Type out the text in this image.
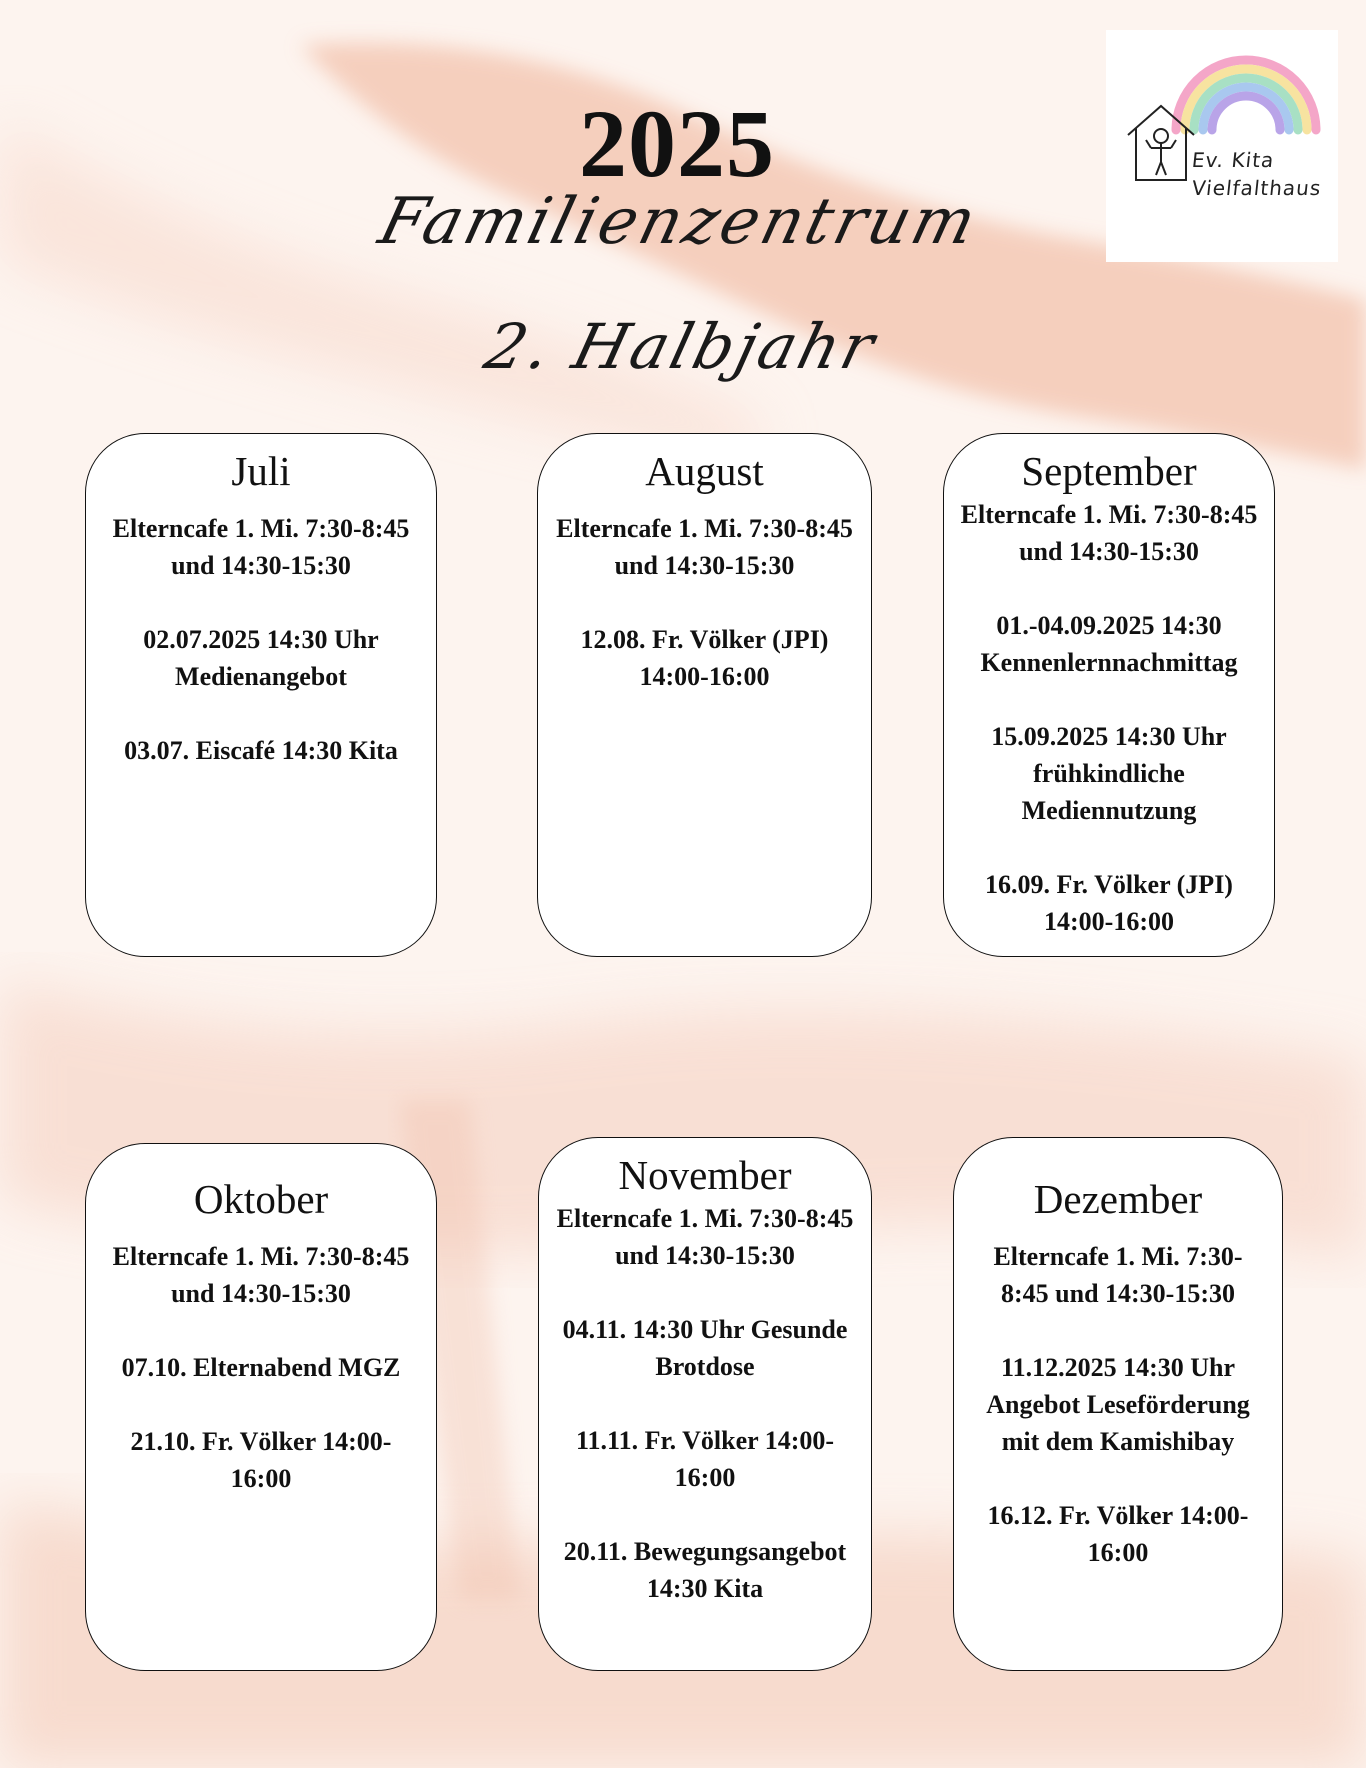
2025
Familienzentrum
2. Halbjahr
Ev. Kita
Vielfalthaus
Juli

Elterncafe 1. Mi. 7:30-8:45 und 14:30-15:30

02.07.2025 14:30 Uhr Medienangebot

03.07. Eiscafé 14:30 Kita

August

Elterncafe 1. Mi. 7:30-8:45 und 14:30-15:30

12.08. Fr. Völker (JPI) 14:00-16:00

September

Elterncafe 1. Mi. 7:30-8:45 und 14:30-15:30

01.-04.09.2025 14:30 Kennenlernnachmittag

15.09.2025 14:30 Uhr frühkindliche Mediennutzung

16.09. Fr. Völker (JPI) 14:00-16:00

Oktober

Elterncafe 1. Mi. 7:30-8:45 und 14:30-15:30

07.10. Elternabend MGZ

21.10. Fr. Völker 14:00-16:00

November

Elterncafe 1. Mi. 7:30-8:45 und 14:30-15:30

04.11. 14:30 Uhr Gesunde Brotdose

11.11. Fr. Völker 14:00-16:00

20.11. Bewegungsangebot 14:30 Kita

Dezember

Elterncafe 1. Mi. 7:30-8:45 und 14:30-15:30

11.12.2025 14:30 Uhr Angebot Leseförderung mit dem Kamishibay

16.12. Fr. Völker 14:00-16:00
